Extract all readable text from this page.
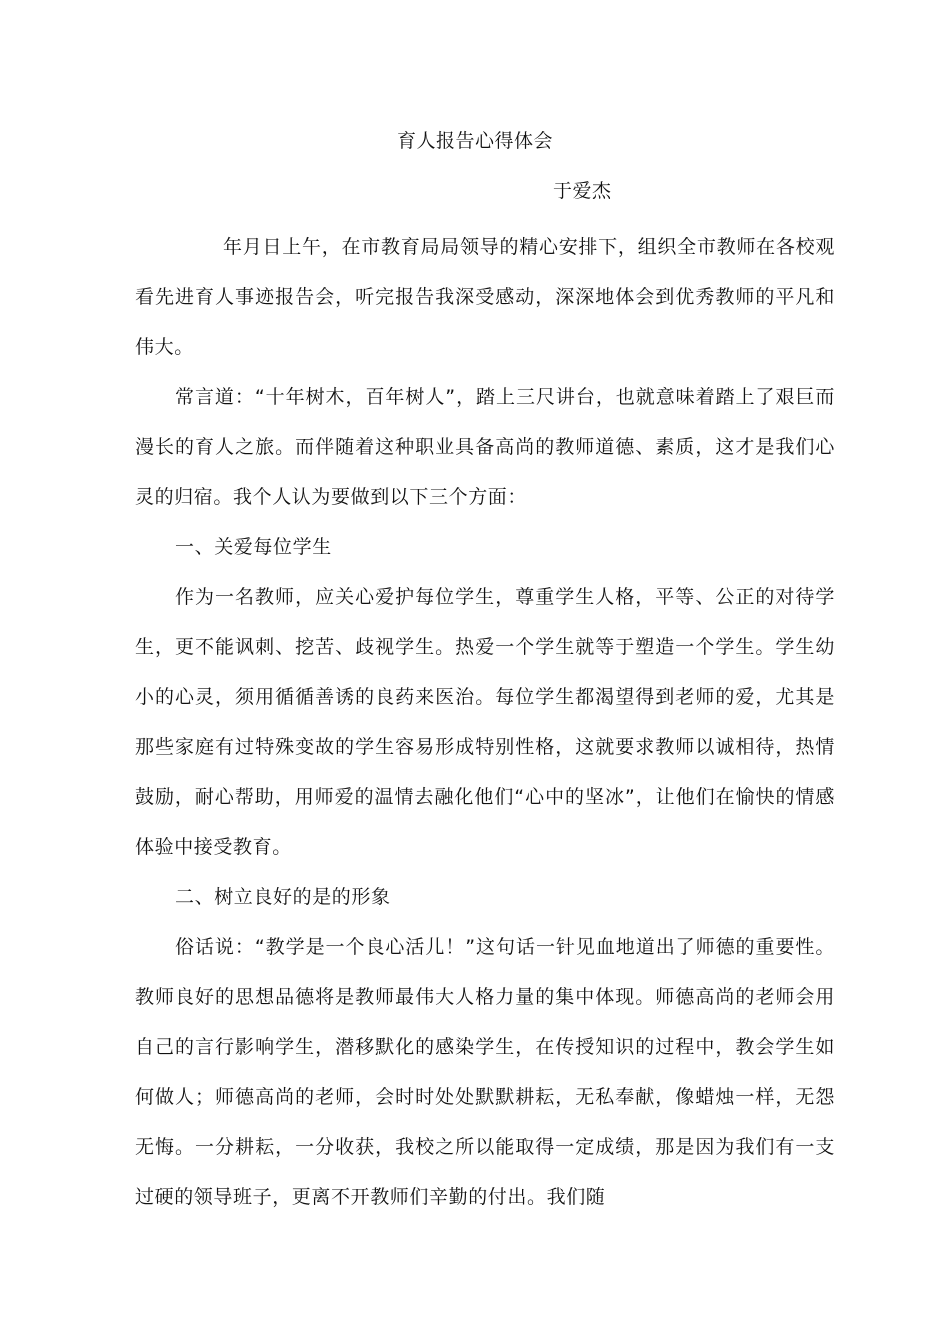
育人报告心得体会
于爱杰

年月日上午，在市教育局局领导的精心安排下，组织全市教师在各校观看先进育人事迹报告会，听完报告我深受感动，深深地体会到优秀教师的平凡和伟大。

常言道：“十年树木，百年树人”，踏上三尺讲台，也就意味着踏上了艰巨而漫长的育人之旅。而伴随着这种职业具备高尚的教师道德、素质，这才是我们心灵的归宿。我个人认为要做到以下三个方面：

一、关爱每位学生

作为一名教师，应关心爱护每位学生，尊重学生人格，平等、公正的对待学生，更不能讽刺、挖苦、歧视学生。热爱一个学生就等于塑造一个学生。学生幼小的心灵，须用循循善诱的良药来医治。每位学生都渴望得到老师的爱，尤其是那些家庭有过特殊变故的学生容易形成特别性格，这就要求教师以诚相待，热情鼓励，耐心帮助，用师爱的温情去融化他们“心中的坚冰”，让他们在愉快的情感体验中接受教育。

二、树立良好的是的形象

俗话说：“教学是一个良心活儿！”这句话一针见血地道出了师德的重要性。教师良好的思想品德将是教师最伟大人格力量的集中体现。师德高尚的老师会用自己的言行影响学生，潜移默化的感染学生，在传授知识的过程中，教会学生如何做人；师德高尚的老师，会时时处处默默耕耘，无私奉献，像蜡烛一样，无怨无悔。一分耕耘，一分收获，我校之所以能取得一定成绩，那是因为我们有一支过硬的领导班子，更离不开教师们辛勤的付出。我们随
